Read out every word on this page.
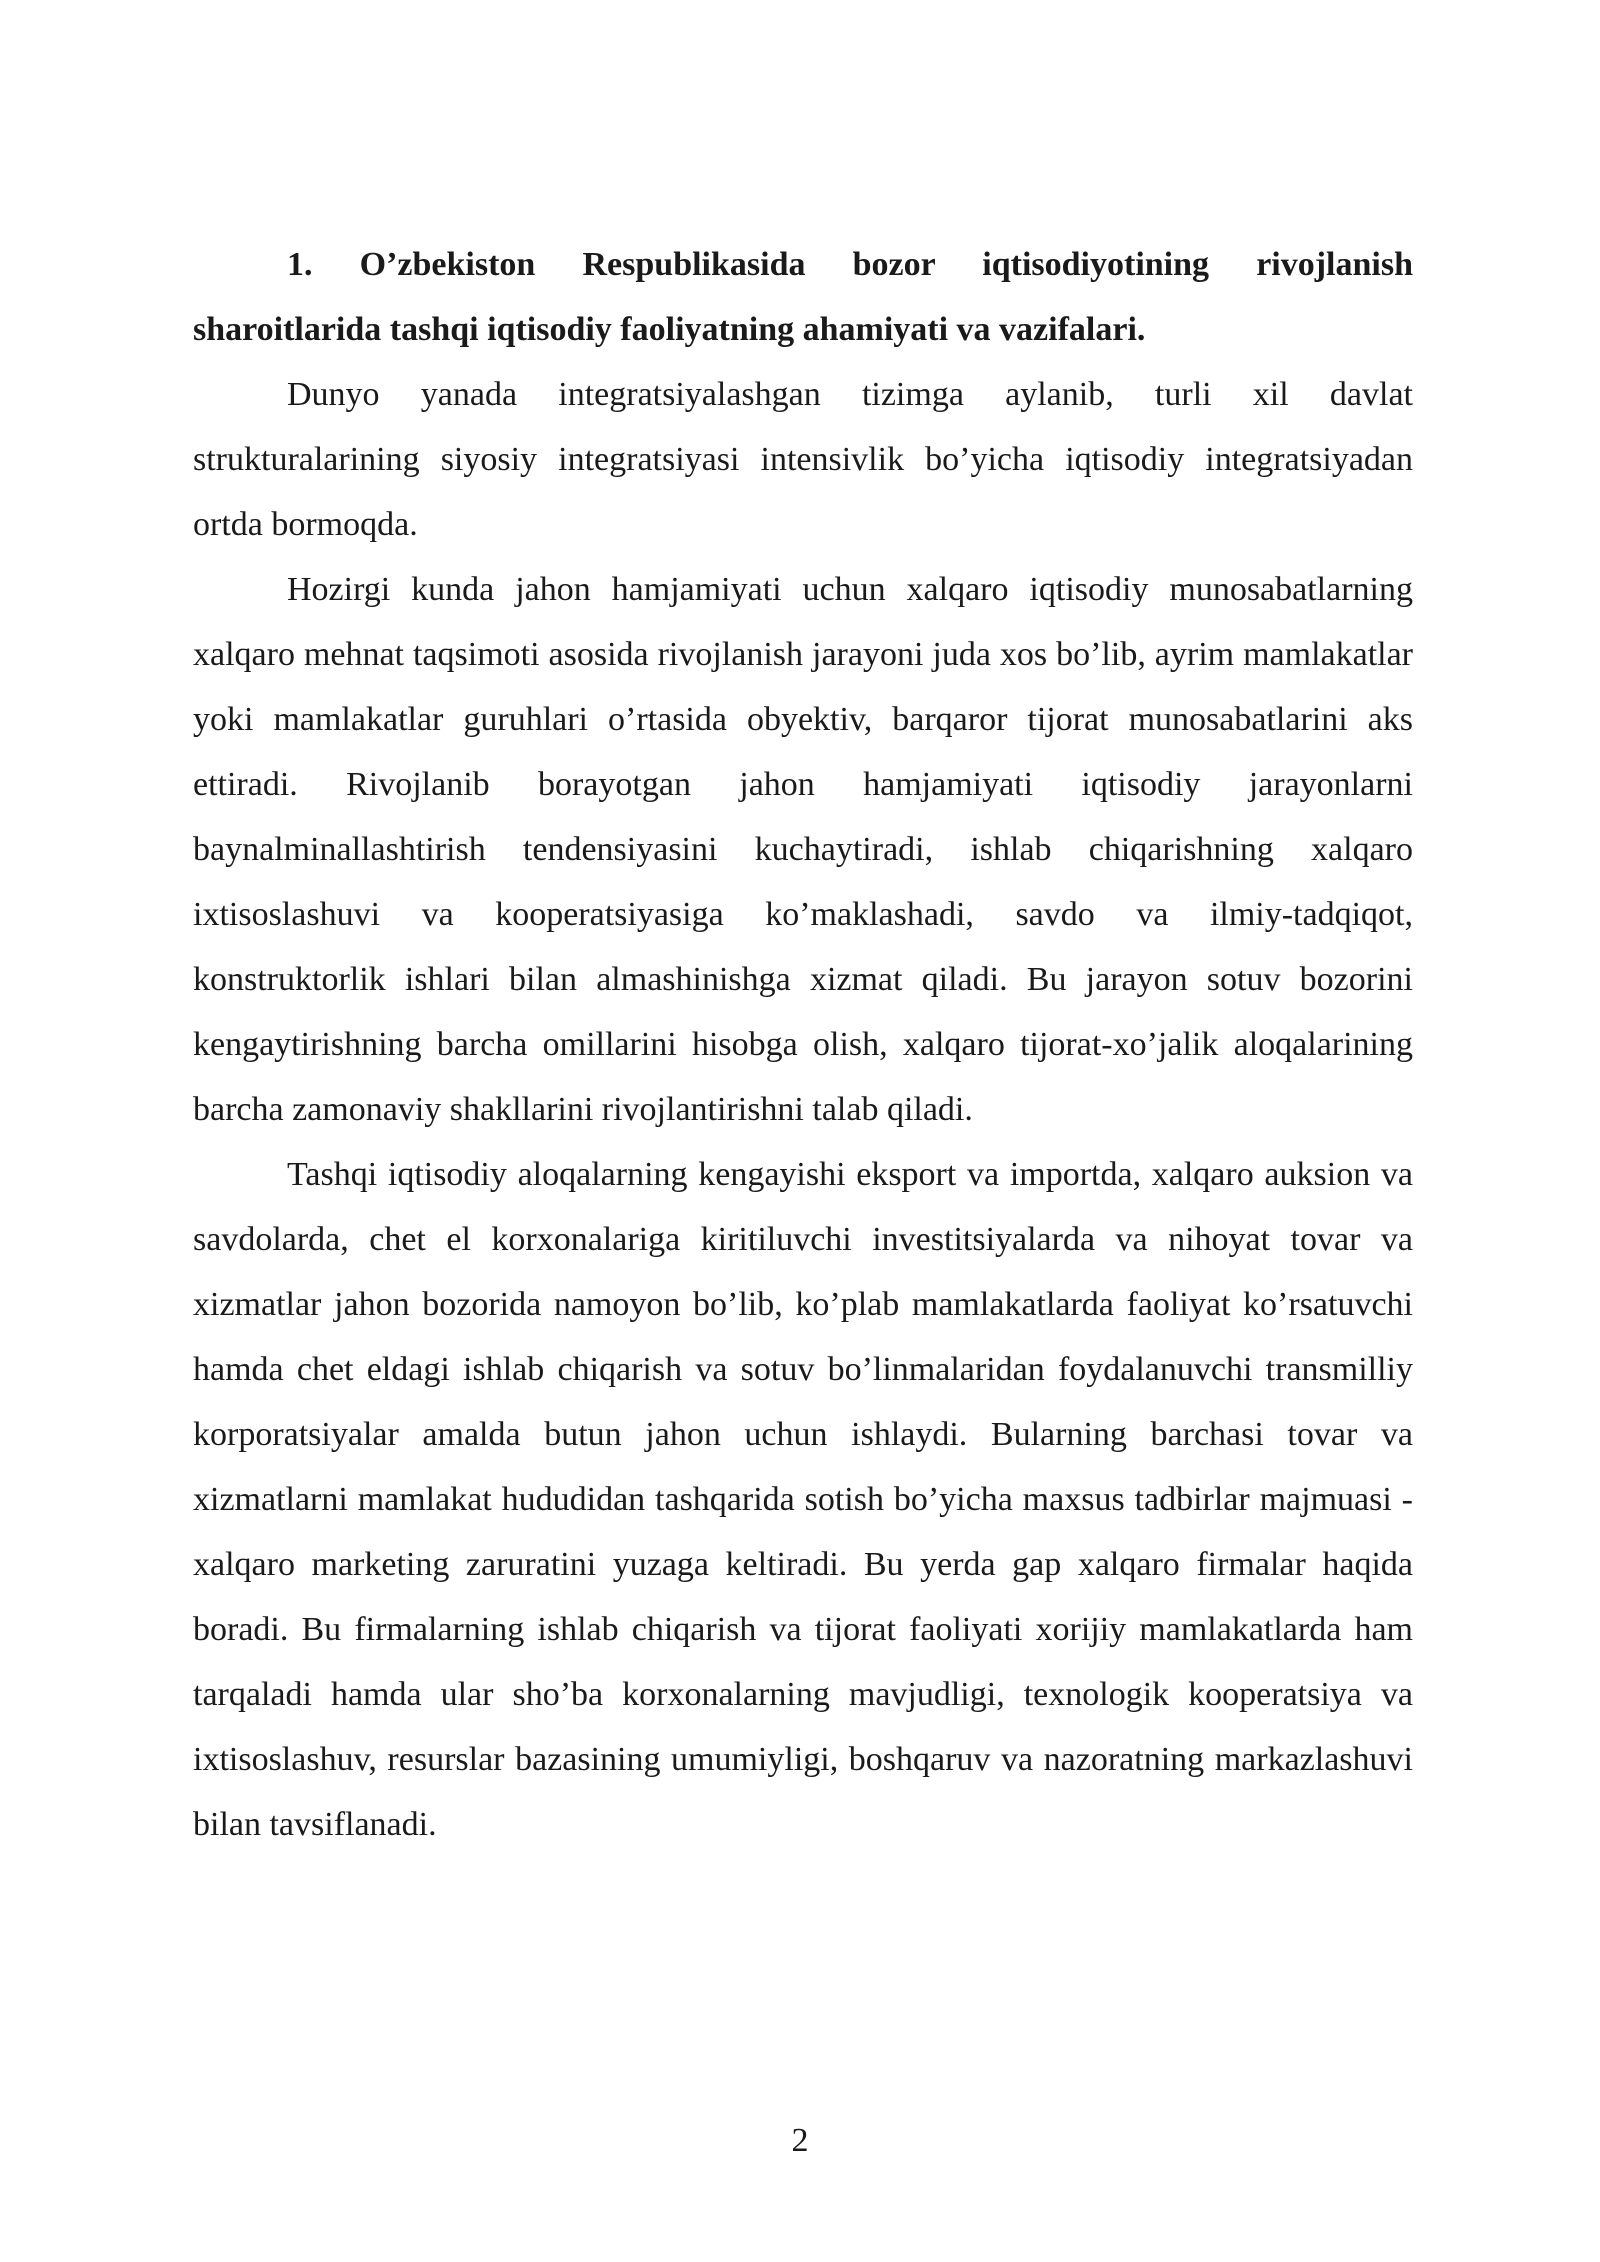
1. O’zbekiston Respublikasida bozor iqtisodiyotining rivojlanish sharoitlarida tashqi iqtisodiy faoliyatning ahamiyati va vazifalari.

Dunyo yanada integratsiyalashgan tizimga aylanib, turli xil davlat strukturalarining siyosiy integratsiyasi intensivlik bo’yicha iqtisodiy integratsiyadan ortda bormoqda.

Hozirgi kunda jahon hamjamiyati uchun xalqaro iqtisodiy munosabatlarning xalqaro mehnat taqsimoti asosida rivojlanish jarayoni juda xos bo’lib, ayrim mamlakatlar yoki mamlakatlar guruhlari o’rtasida obyektiv, barqaror tijorat munosabatlarini aks ettiradi. Rivojlanib borayotgan jahon hamjamiyati iqtisodiy jarayonlarni baynalminallashtirish tendensiyasini kuchaytiradi, ishlab chiqarishning xalqaro ixtisoslashuvi va kooperatsiyasiga ko’maklashadi, savdo va ilmiy-tadqiqot, konstruktorlik ishlari bilan almashinishga xizmat qiladi. Bu jarayon sotuv bozorini kengaytirishning barcha omillarini hisobga olish, xalqaro tijorat-xo’jalik aloqalarining barcha zamonaviy shakllarini rivojlantirishni talab qiladi.

Tashqi iqtisodiy aloqalarning kengayishi eksport va importda, xalqaro auksion va savdolarda, chet el korxonalariga kiritiluvchi investitsiyalarda va nihoyat tovar va xizmatlar jahon bozorida namoyon bo’lib, ko’plab mamlakatlarda faoliyat ko’rsatuvchi hamda chet eldagi ishlab chiqarish va sotuv bo’linmalaridan foydalanuvchi transmilliy korporatsiyalar amalda butun jahon uchun ishlaydi. Bularning barchasi tovar va xizmatlarni mamlakat hududidan tashqarida sotish bo’yicha maxsus tadbirlar majmuasi - xalqaro marketing zaruratini yuzaga keltiradi. Bu yerda gap xalqaro firmalar haqida boradi. Bu firmalarning ishlab chiqarish va tijorat faoliyati xorijiy mamlakatlarda ham tarqaladi hamda ular sho’ba korxonalarning mavjudligi, texnologik kooperatsiya va ixtisoslashuv, resurslar bazasining umumiyligi, boshqaruv va nazoratning markazlashuvi bilan tavsiflanadi.

2
